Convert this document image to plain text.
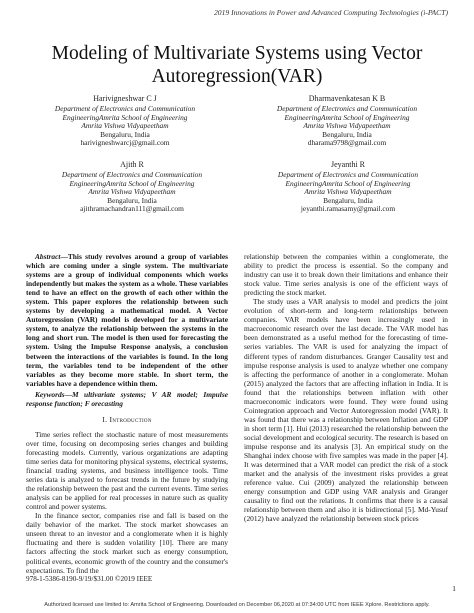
2019 Innovations in Power and Advanced Computing Technologies (i-PACT)
Modeling of Multivariate Systems using Vector
Autoregression(VAR)
Harivigneshwar C J
Department of Electronics and Communication
EngineeringAmrita School of Engineering
Amrita Vishwa Vidyapeetham
Bengaluru, India
harivigneshwarcj@gmail.com
Dharmavenkatesan K B
Department of Electronics and Communication
EngineeringAmrita School of Engineering
Amrita Vishwa Vidyapeetham
Bengaluru, India
dharama9798@gmail.com
Ajith R
Department of Electronics and Communication
EngineeringAmrita School of Engineering
Amrita Vishwa Vidyapeetham
Bengaluru, India
ajithramachandran111@gmail.com
Jeyanthi R
Department of Electronics and Communication
EngineeringAmrita School of Engineering
Amrita Vishwa Vidyapeetham
Bengaluru, India
jeyanthi.ramasamy@gmail.com

Abstract—This study revolves around a group of variables which are coming under a single system. The multivariate systems are a group of individual components which works independently but makes the system as a whole. These variables tend to have an effect on the growth of each other within the system. This paper explores the relationship between such systems by developing a mathematical model. A Vector Autoregression (VAR) model is developed for a multivariate system, to analyze the relationship between the systems in the long and short run. The model is then used for forecasting the system. Using the Impulse Response analysis, a conclusion between the interactions of the variables is found. In the long term, the variables tend to be independent of the other variables as they become more stable. In short term, the variables have a dependence within them.

Keywords—M ultivariate systems; V AR model; Impulse response function; F orecasting

I. Introduction

Time series reflect the stochastic nature of most measurements over time, focusing on decomposing series changes and building forecasting models. Currently, various organizations are adapting time series data for monitoring physical systems, electrical systems, financial trading systems, and business intelligence tools. Time series data is analyzed to forecast trends in the future by studying the relationship between the past and the current events. Time series analysis can be applied for real processes in nature such as quality control and power systems.

In the finance sector, companies rise and fall is based on the daily behavior of the market. The stock market showcases an unseen threat to an investor and a conglomerate when it is highly fluctuating and there is sudden volatility [10]. There are many factors affecting the stock market such as energy consumption, political events, economic growth of the country and the consumer's expectations. To find the

relationship between the companies within a conglomerate, the ability to predict the process is essential. So the company and industry can use it to break down their limitations and enhance their stock value. Time series analysis is one of the efficient ways of predicting the stock market.

The study uses a VAR analysis to model and predicts the joint evolution of short-term and long-term relationships between companies. VAR models have been increasingly used in macroeconomic research over the last decade. The VAR model has been demonstrated as a useful method for the forecasting of time-series variables. The VAR is used for analyzing the impact of different types of random disturbances. Granger Causality test and impulse response analysis is used to analyze whether one company is affecting the performance of another in a conglomerate. Mohan (2015) analyzed the factors that are affecting inflation in India. It is found that the relationships between inflation with other macroeconomic indicators were found. They were found using Cointegration approach and Vector Autoregression model (VAR). It was found that there was a relationship between Inflation and GDP in short term [1]. Hui (2013) researched the relationship between the social development and ecological security. The research is based on impulse response and its analysis [3]. An empirical study on the Shanghai index choose with five samples was made in the paper [4]. It was determined that a VAR model can predict the risk of a stock market and the analysis of the investment risks provides a great reference value. Cui (2009) analyzed the relationship between energy consumption and GDP using VAR analysis and Granger causality to find out the relations. It confirms that there is a causal relationship between them and also it is bidirectional [5]. Md-Yusuf (2012) have analyzed the relationship between stock prices

978-1-5386-8190-9/19/$31.00 ©2019 IEEE
1
Authorized licensed use limited to: Amrita School of Engineering. Downloaded on December 06,2020 at 07:34:00 UTC from IEEE Xplore. Restrictions apply.
